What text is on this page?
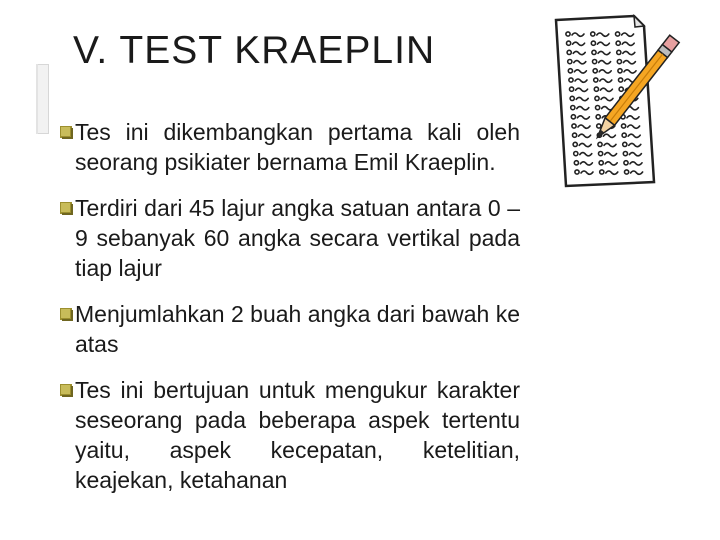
V. TEST KRAEPLIN
Tes ini dikembangkan pertama kali oleh seorang psikiater bernama Emil Kraeplin.
Terdiri dari 45 lajur angka satuan antara 0 – 9 sebanyak 60 angka secara vertikal pada tiap lajur
Menjumlahkan 2 buah angka dari bawah ke atas
Tes ini bertujuan untuk mengukur karakter seseorang pada beberapa aspek tertentu yaitu, aspek kecepatan, ketelitian, keajekan, ketahanan
